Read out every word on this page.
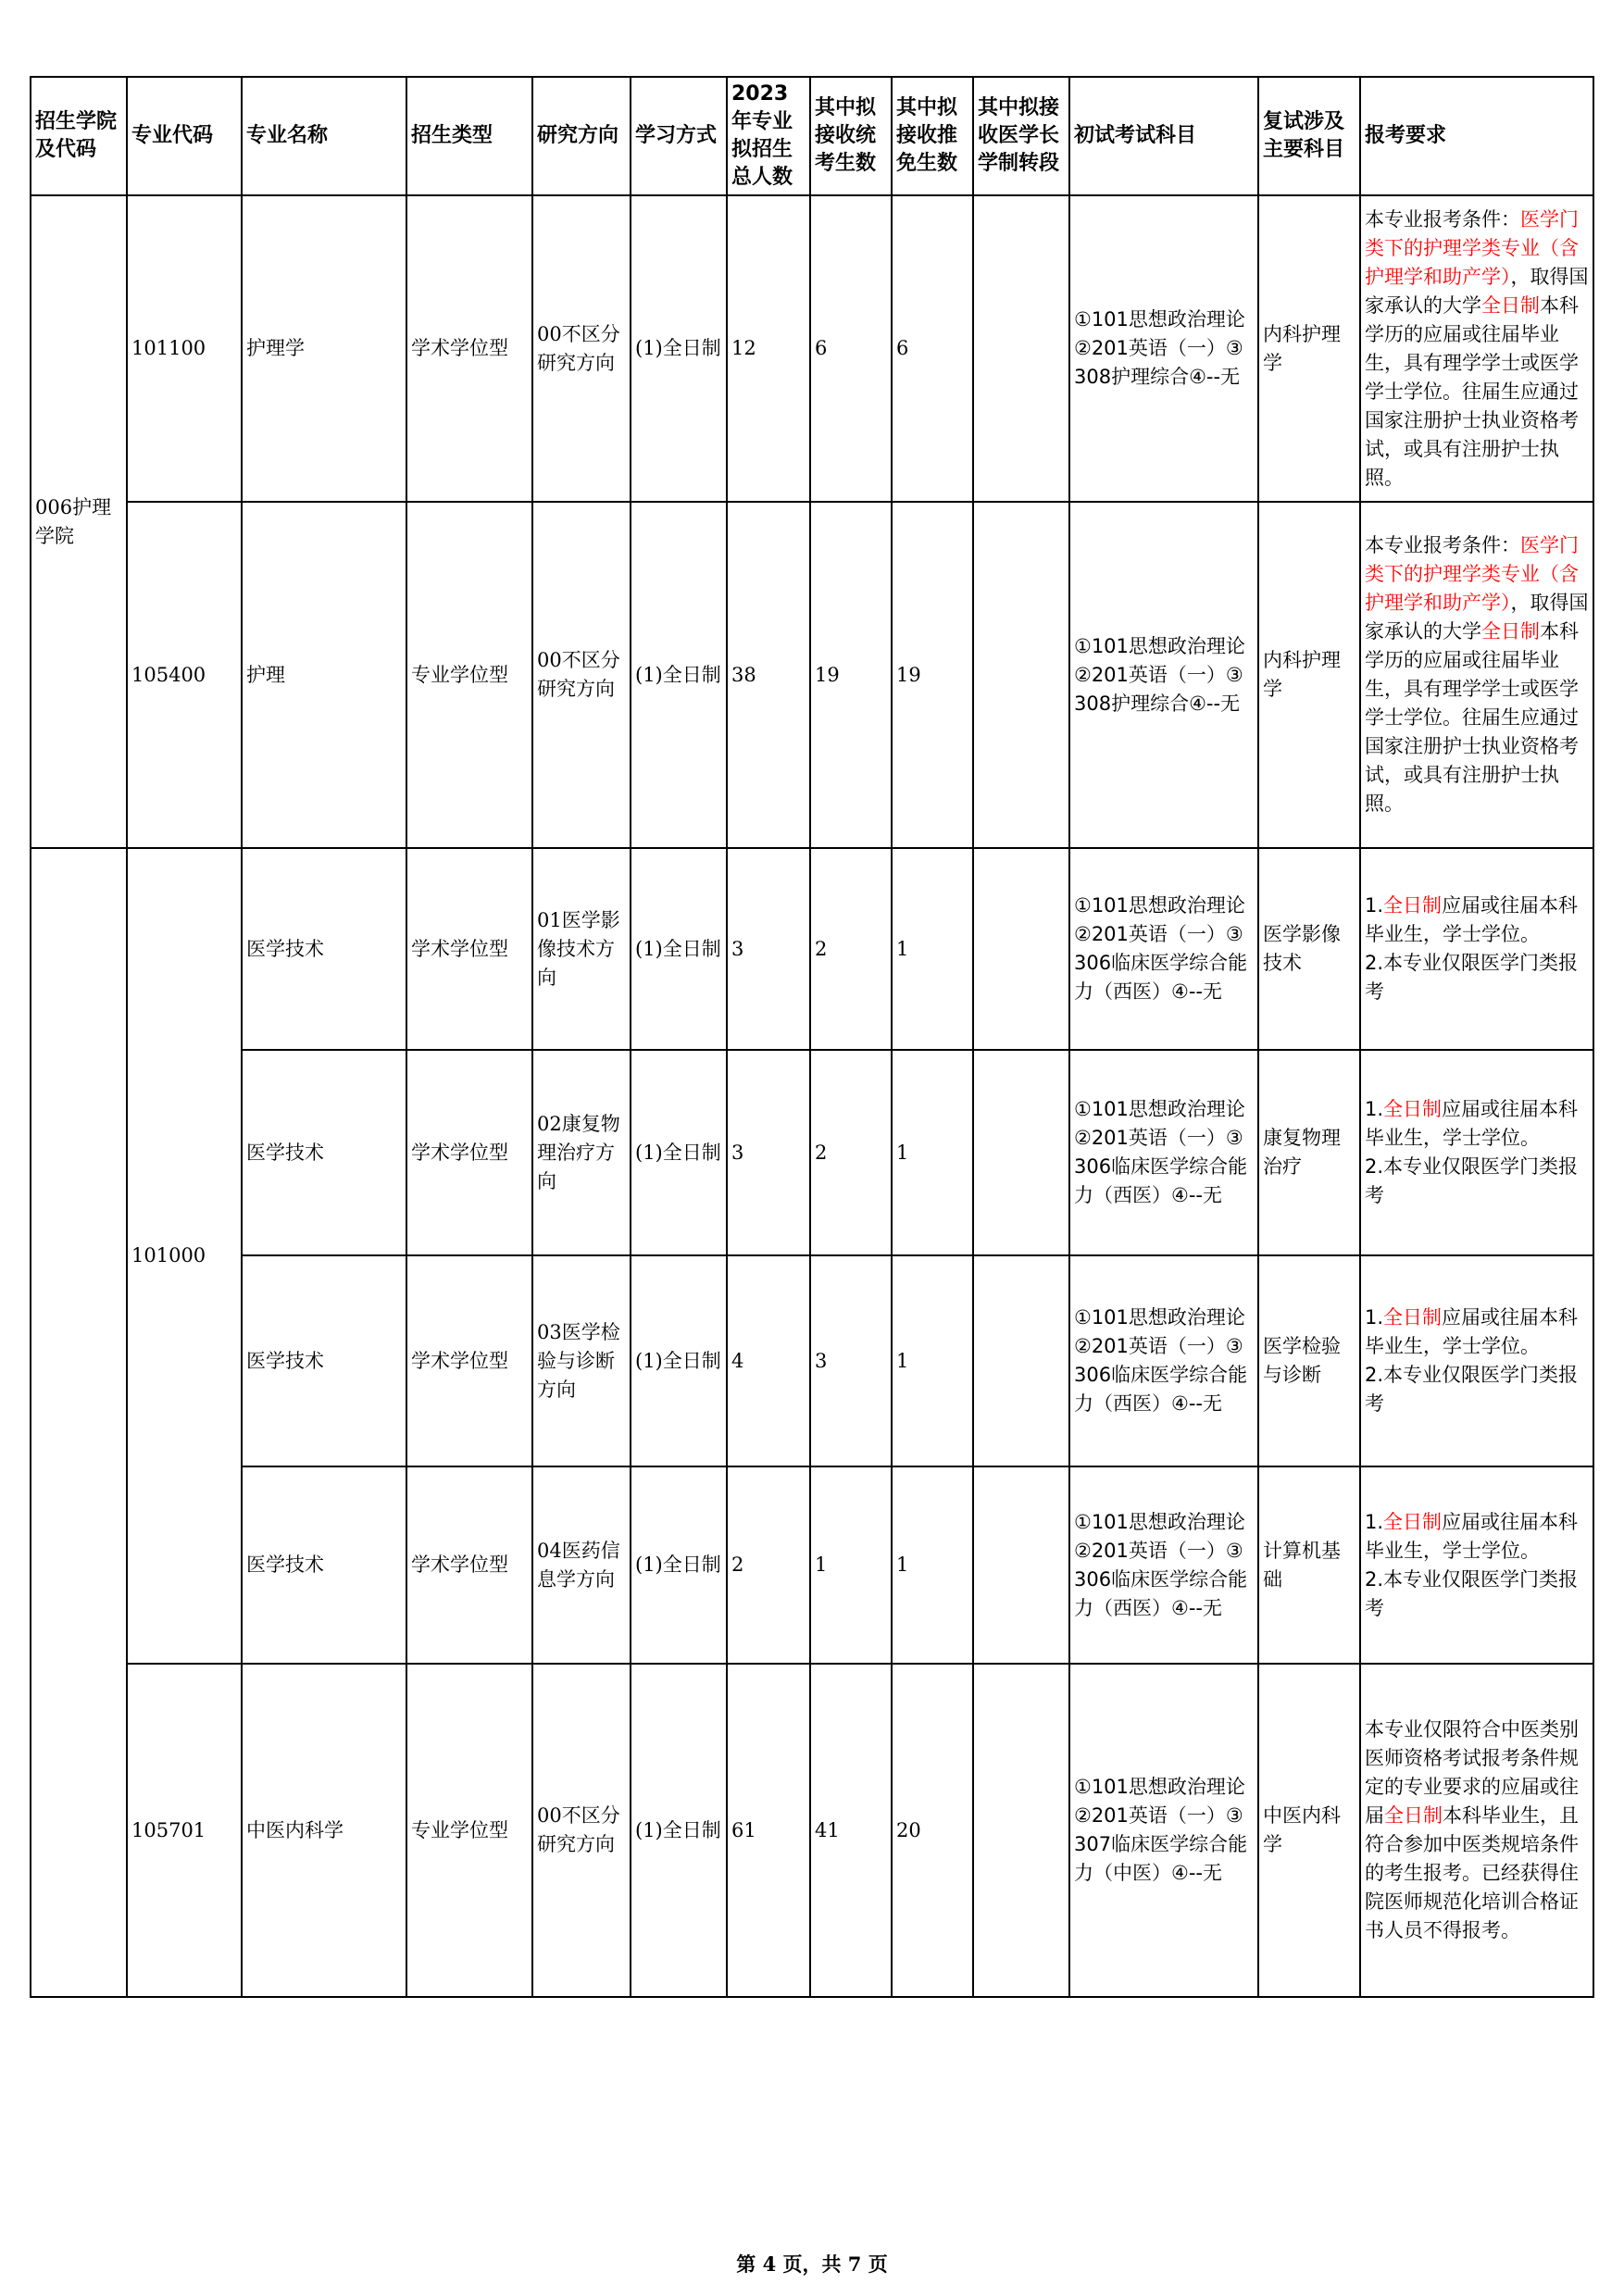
招生学院及代码	专业代码	专业名称	招生类型	研究方向	学习方式	2023年专业拟招生总人数	其中拟接收统考生数	其中拟接收推免生数	其中拟接收医学长学制转段	初试考试科目	复试涉及主要科目	报考要求
006护理学院	101100	护理学	学术学位型	00不区分研究方向	(1)全日制	12	6	6		①101思想政治理论②201英语（一）③308护理综合④--无	内科护理学	本专业报考条件：医学门类下的护理学类专业（含护理学和助产学），取得国家承认的大学全日制本科学历的应届或往届毕业生，具有理学学士或医学学士学位。往届生应通过国家注册护士执业资格考试，或具有注册护士执照。

	105400	护理	专业学位型	00不区分研究方向	(1)全日制	38	19	19		①101思想政治理论②201英语（一）③308护理综合④--无	内科护理学	本专业报考条件：医学门类下的护理学类专业（含护理学和助产学），取得国家承认的大学全日制本科学历的应届或往届毕业生，具有理学学士或医学学士学位。往届生应通过国家注册护士执业资格考试，或具有注册护士执照。
	101000	医学技术	学术学位型	01医学影像技术方向	(1)全日制	3	2	1		①101思想政治理论②201英语（一）③306临床医学综合能力（西医）④--无	医学影像技术	1.全日制应届或往届本科毕业生，学士学位。
2.本专业仅限医学门类报考
		医学技术	学术学位型	02康复物理治疗方向	(1)全日制	3	2	1		①101思想政治理论②201英语（一）③306临床医学综合能力（西医）④--无	康复物理治疗	1.全日制应届或往届本科毕业生，学士学位。
2.本专业仅限医学门类报考
		医学技术	学术学位型	03医学检验与诊断方向	(1)全日制	4	3	1		①101思想政治理论②201英语（一）③306临床医学综合能力（西医）④--无	医学检验与诊断	1.全日制应届或往届本科毕业生，学士学位。
2.本专业仅限医学门类报考
		医学技术	学术学位型	04医药信息学方向	(1)全日制	2	1	1		①101思想政治理论②201英语（一）③306临床医学综合能力（西医）④--无	计算机基础	1.全日制应届或往届本科毕业生，学士学位。
2.本专业仅限医学门类报考
	105701	中医内科学	专业学位型	00不区分研究方向	(1)全日制	61	41	20		①101思想政治理论②201英语（一）③307临床医学综合能力（中医）④--无	中医内科学	本专业仅限符合中医类别医师资格考试报考条件规定的专业要求的应届或往届全日制本科毕业生，且符合参加中医类规培条件的考生报考。已经获得住院医师规范化培训合格证书人员不得报考。
第 4 页，共 7 页
